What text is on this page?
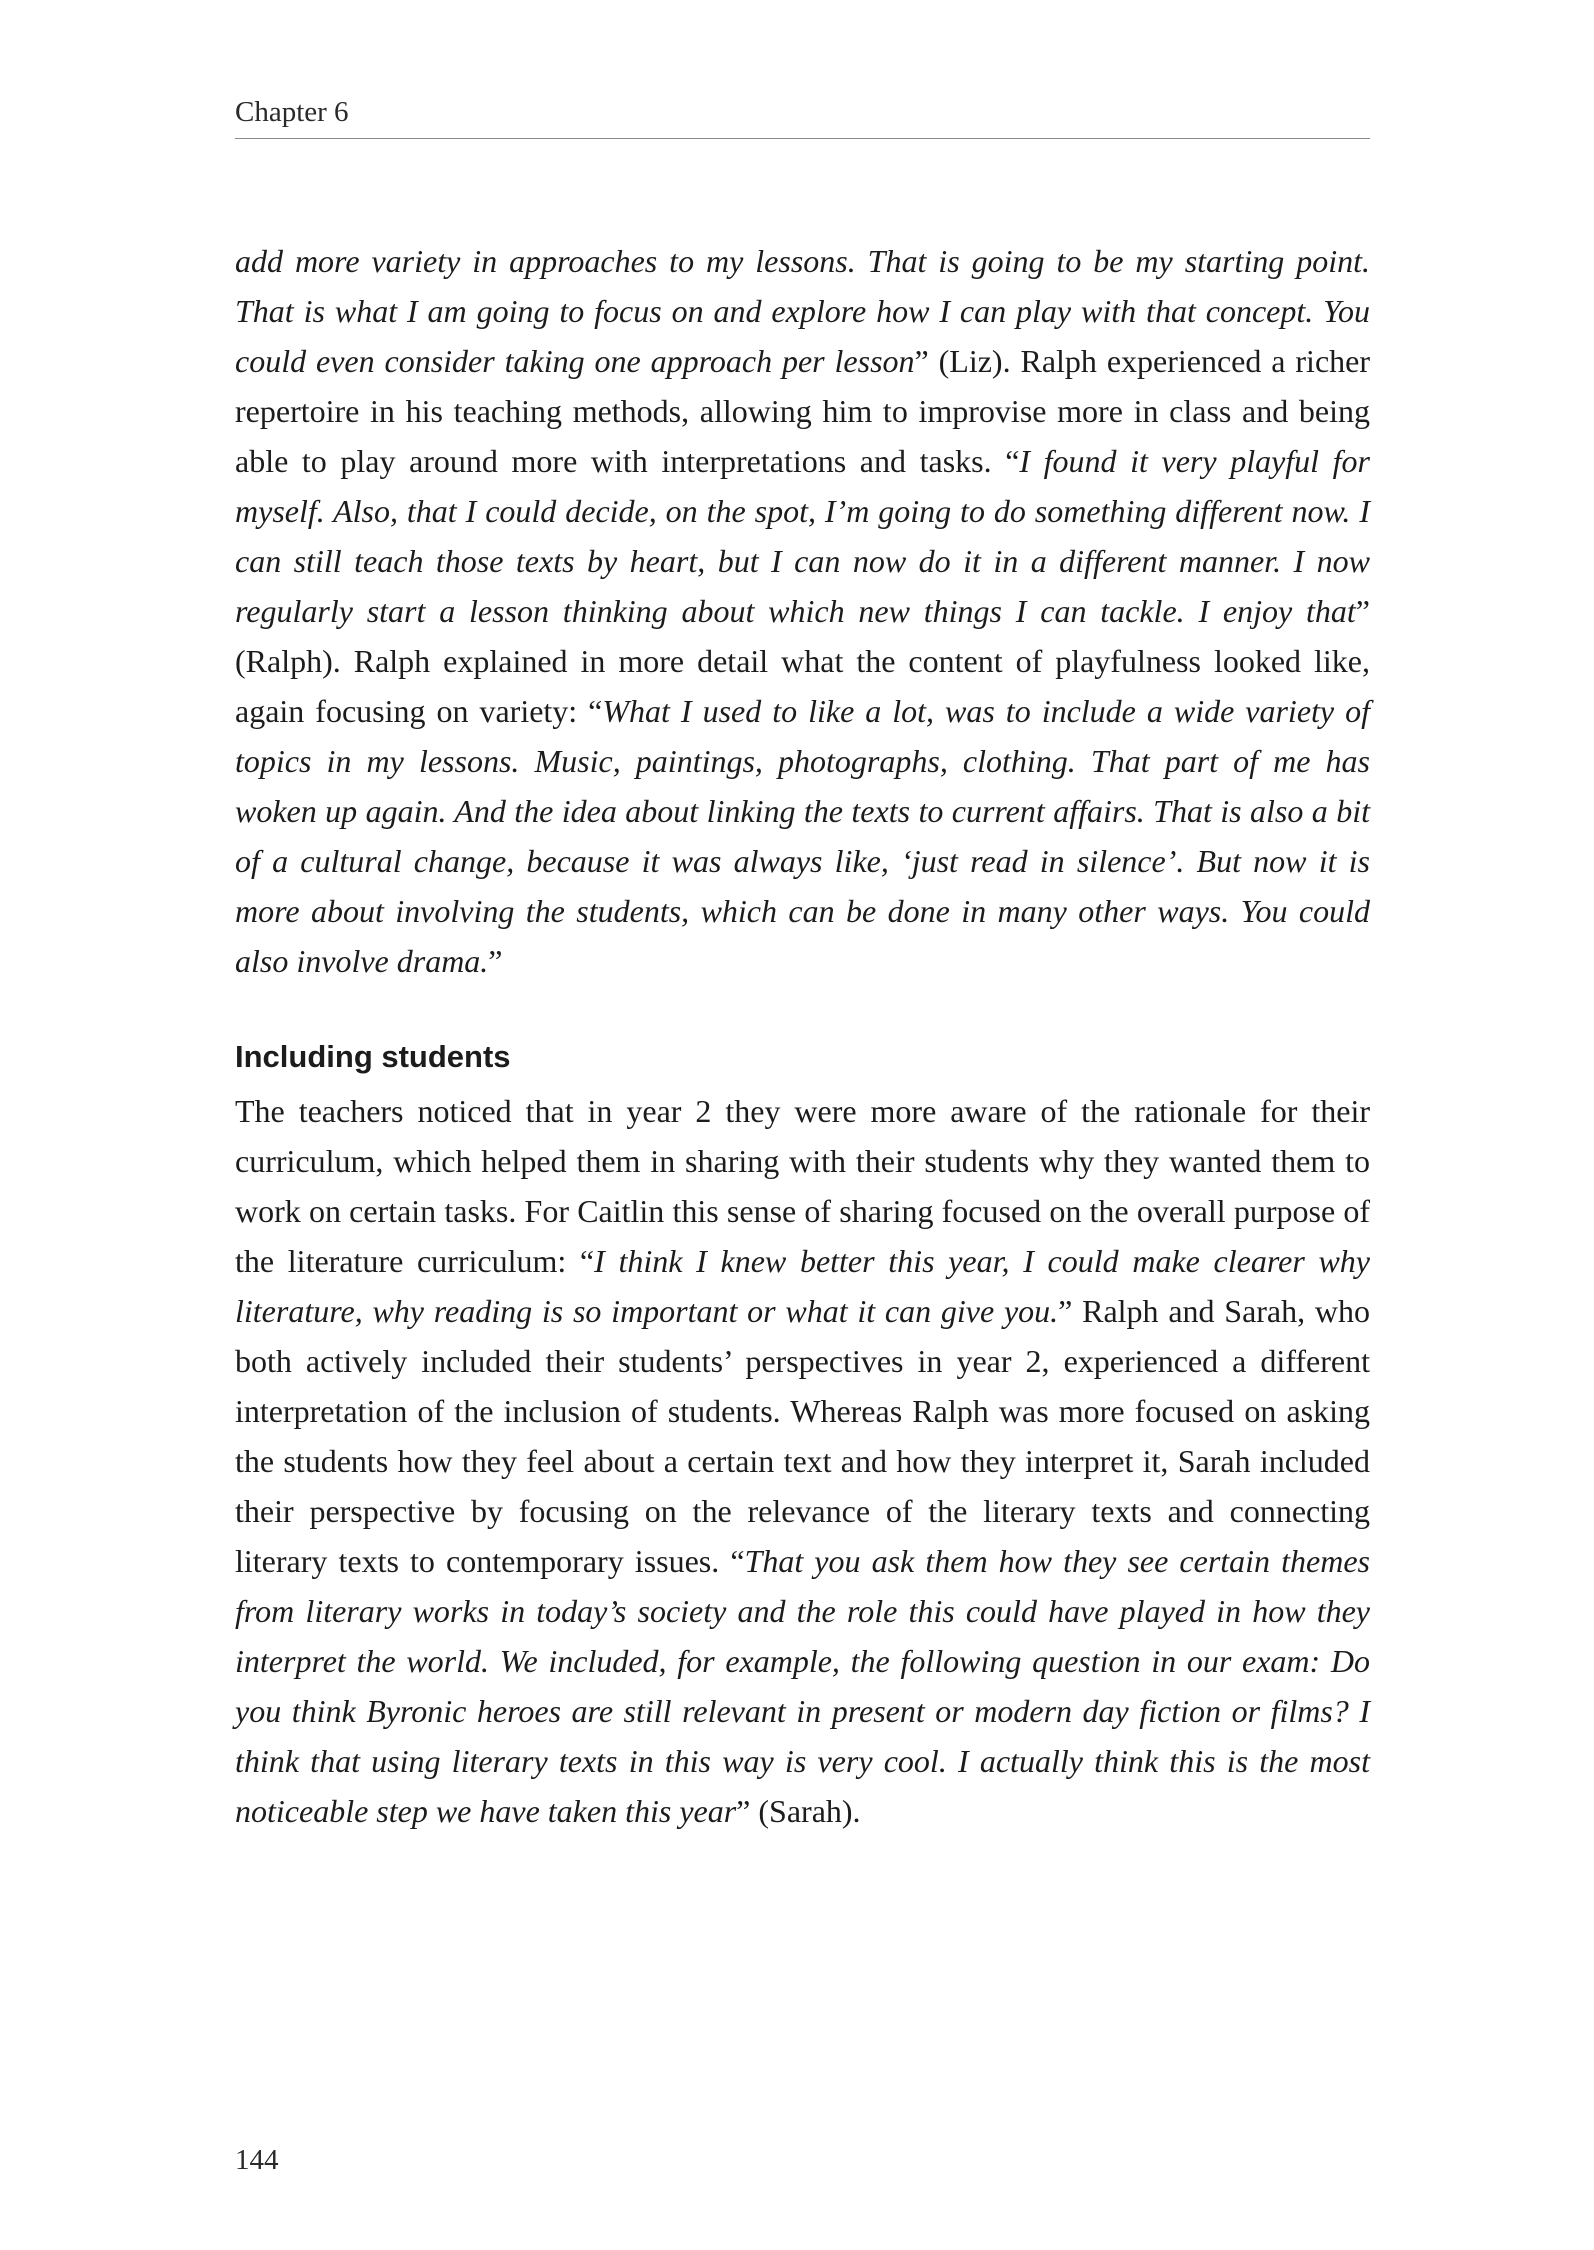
Chapter 6

add more variety in approaches to my lessons. That is going to be my starting point. That is what I am going to focus on and explore how I can play with that concept. You could even consider taking one approach per lesson” (Liz). Ralph experienced a richer repertoire in his teaching methods, allowing him to improvise more in class and being able to play around more with interpretations and tasks. “I found it very playful for myself. Also, that I could decide, on the spot, I’m going to do something different now. I can still teach those texts by heart, but I can now do it in a different manner. I now regularly start a lesson thinking about which new things I can tackle. I enjoy that” (Ralph). Ralph explained in more detail what the content of playfulness looked like, again focusing on variety: “What I used to like a lot, was to include a wide variety of topics in my lessons. Music, paintings, photographs, clothing. That part of me has woken up again. And the idea about linking the texts to current affairs. That is also a bit of a cultural change, because it was always like, ‘just read in silence’. But now it is more about involving the students, which can be done in many other ways. You could also involve drama.”

Including students

The teachers noticed that in year 2 they were more aware of the rationale for their curriculum, which helped them in sharing with their students why they wanted them to work on certain tasks. For Caitlin this sense of sharing focused on the overall purpose of the literature curriculum: “I think I knew better this year, I could make clearer why literature, why reading is so important or what it can give you.” Ralph and Sarah, who both actively included their students’ perspectives in year 2, experienced a different interpretation of the inclusion of students. Whereas Ralph was more focused on asking the students how they feel about a certain text and how they interpret it, Sarah included their perspective by focusing on the relevance of the literary texts and connecting literary texts to contemporary issues. “That you ask them how they see certain themes from literary works in today’s society and the role this could have played in how they interpret the world. We included, for example, the following question in our exam: Do you think Byronic heroes are still relevant in present or modern day fiction or films? I think that using literary texts in this way is very cool. I actually think this is the most noticeable step we have taken this year” (Sarah).

144
